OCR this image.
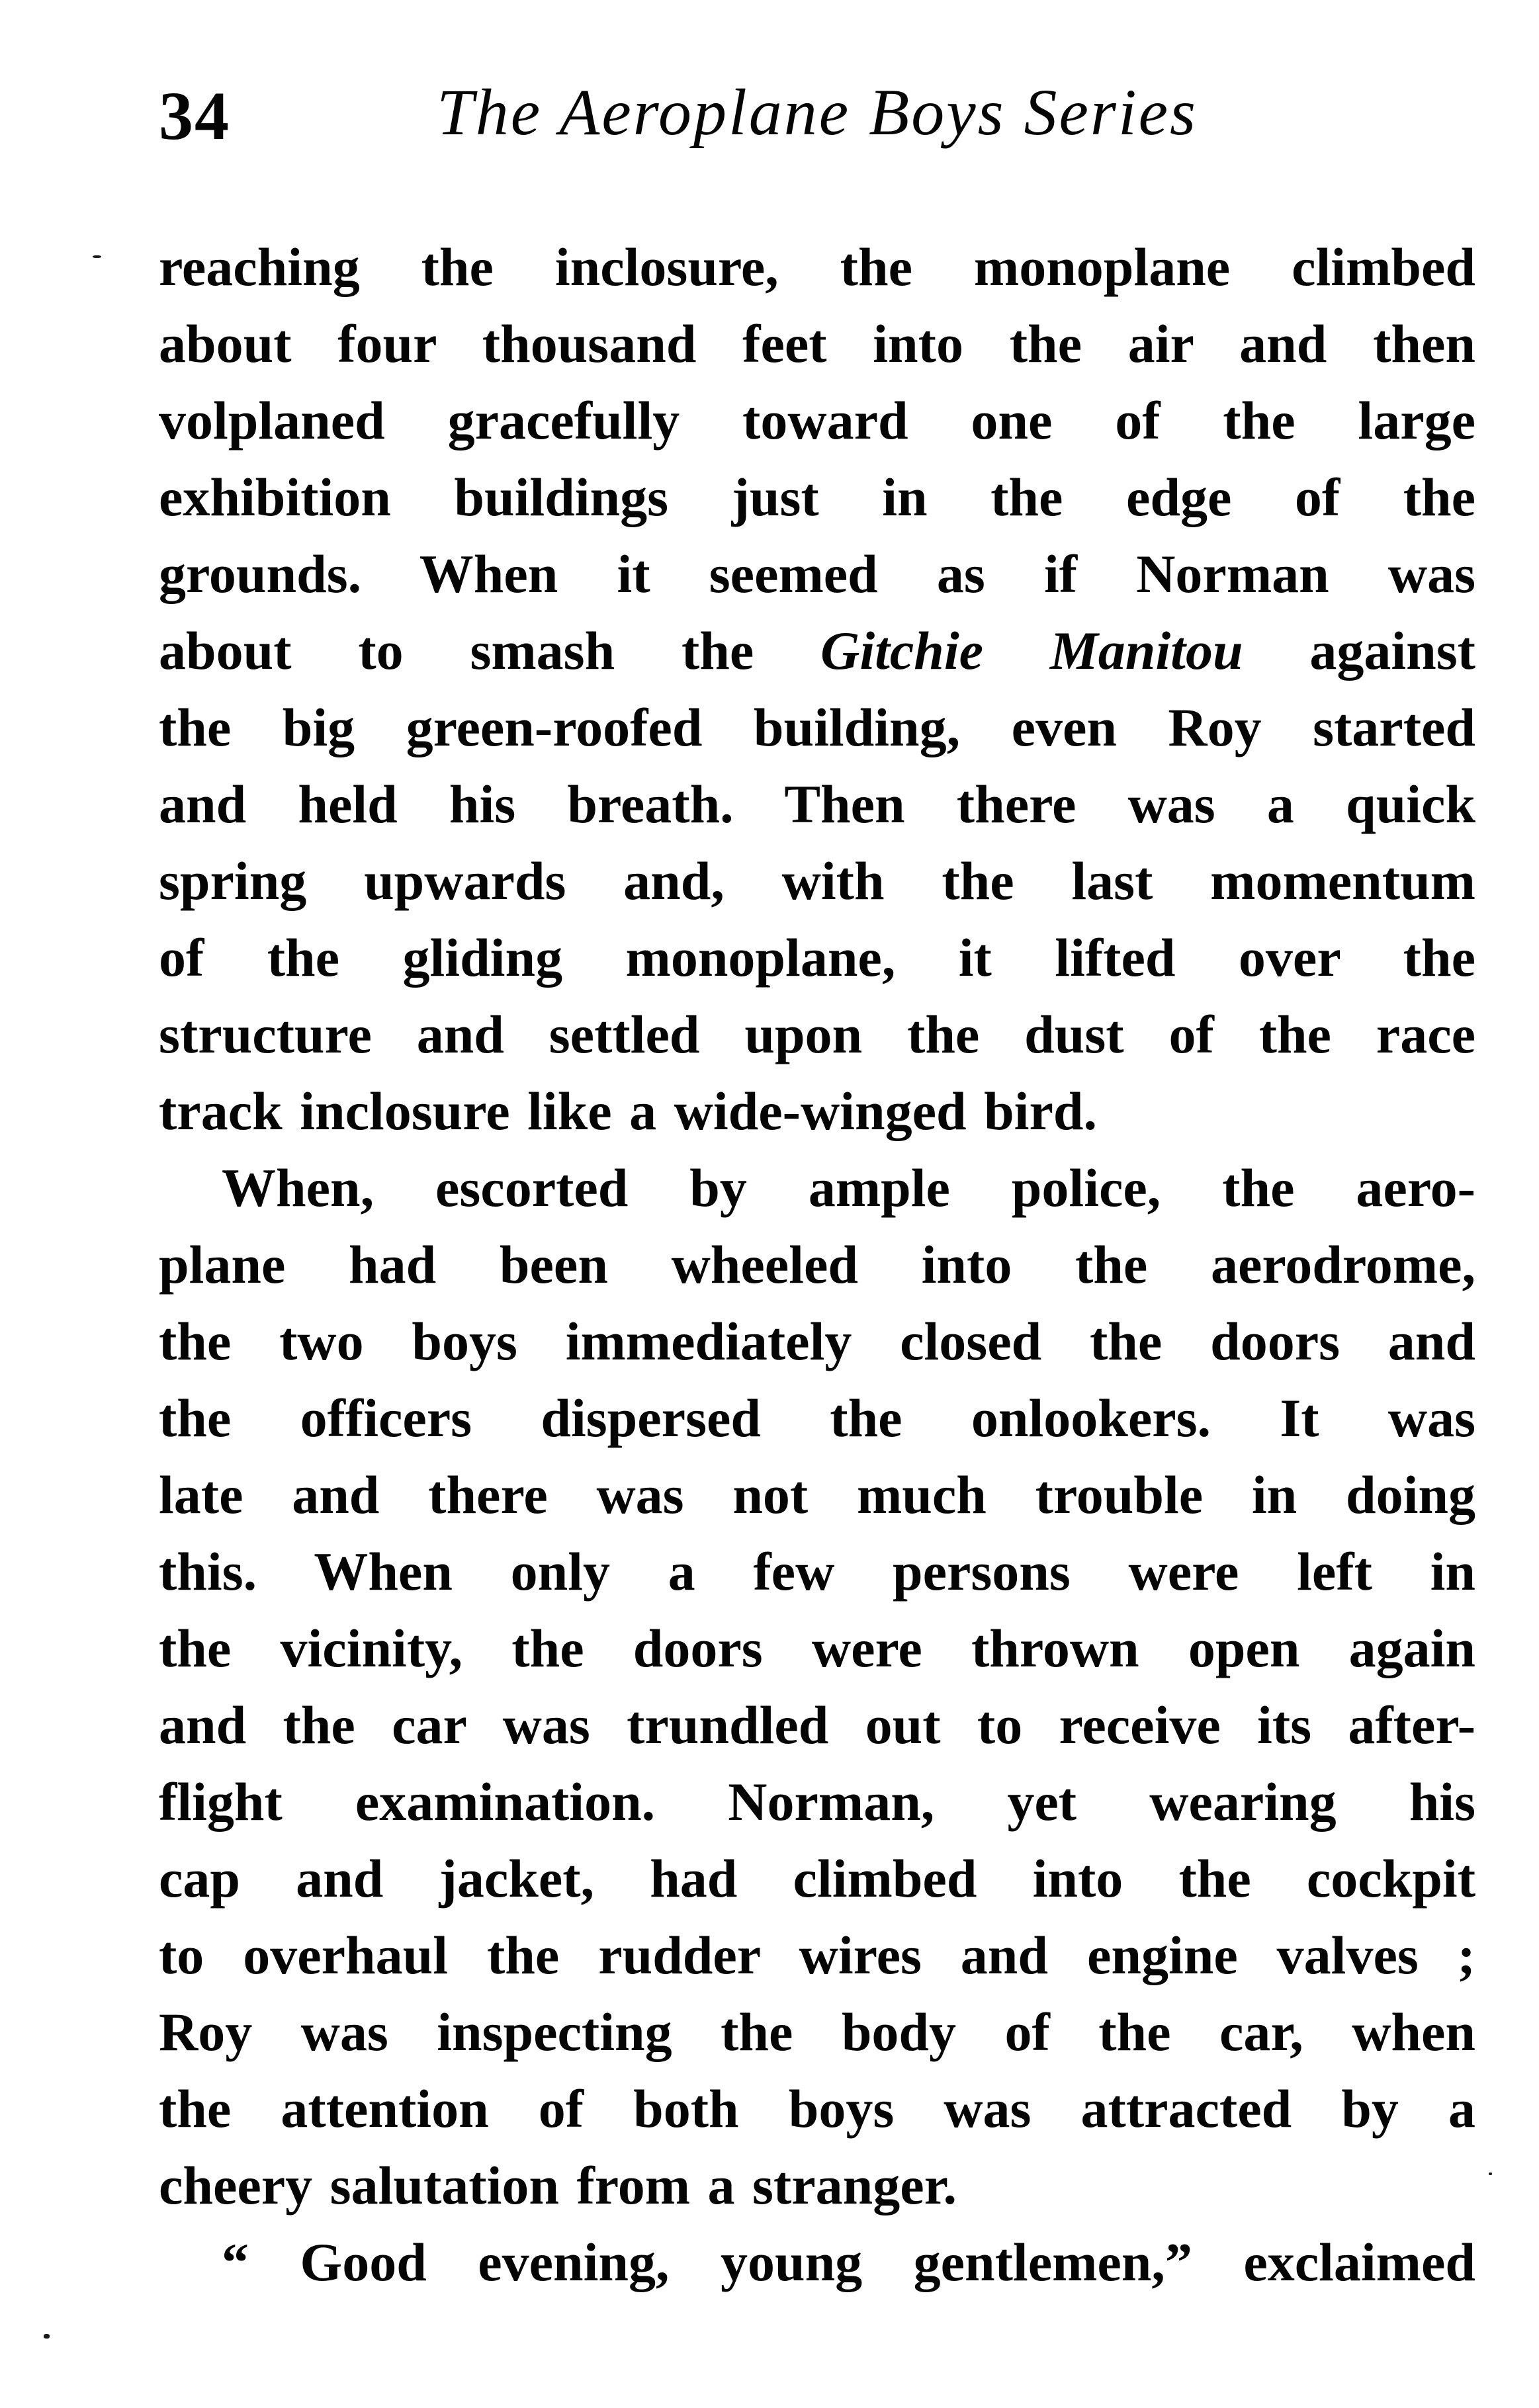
34	The Aeroplane Boys Series
reaching the inclosure, the monoplane climbed
about four thousand feet into the air and then
volplaned gracefully toward one of the large
exhibition buildings just in the edge of the
grounds. When it seemed as if Norman was
about to smash the Gitchie Manitou against
the big green-roofed building, even Roy started
and held his breath. Then there was a quick
spring upwards and, with the last momentum
of the gliding monoplane, it lifted over the
structure and settled upon the dust of the race
track inclosure like a wide-winged bird.
When, escorted by ample police, the aero-
plane had been wheeled into the aerodrome,
the two boys immediately closed the doors and
the officers dispersed the onlookers. It was
late and there was not much trouble in doing
this. When only a few persons were left in
the vicinity, the doors were thrown open again
and the car was trundled out to receive its after-
flight examination. Norman, yet wearing his
cap and jacket, had climbed into the cockpit
to overhaul the rudder wires and engine valves ;
Roy was inspecting the body of the car, when
the attention of both boys was attracted by a
cheery salutation from a stranger.
“ Good evening, young gentlemen,” exclaimed
